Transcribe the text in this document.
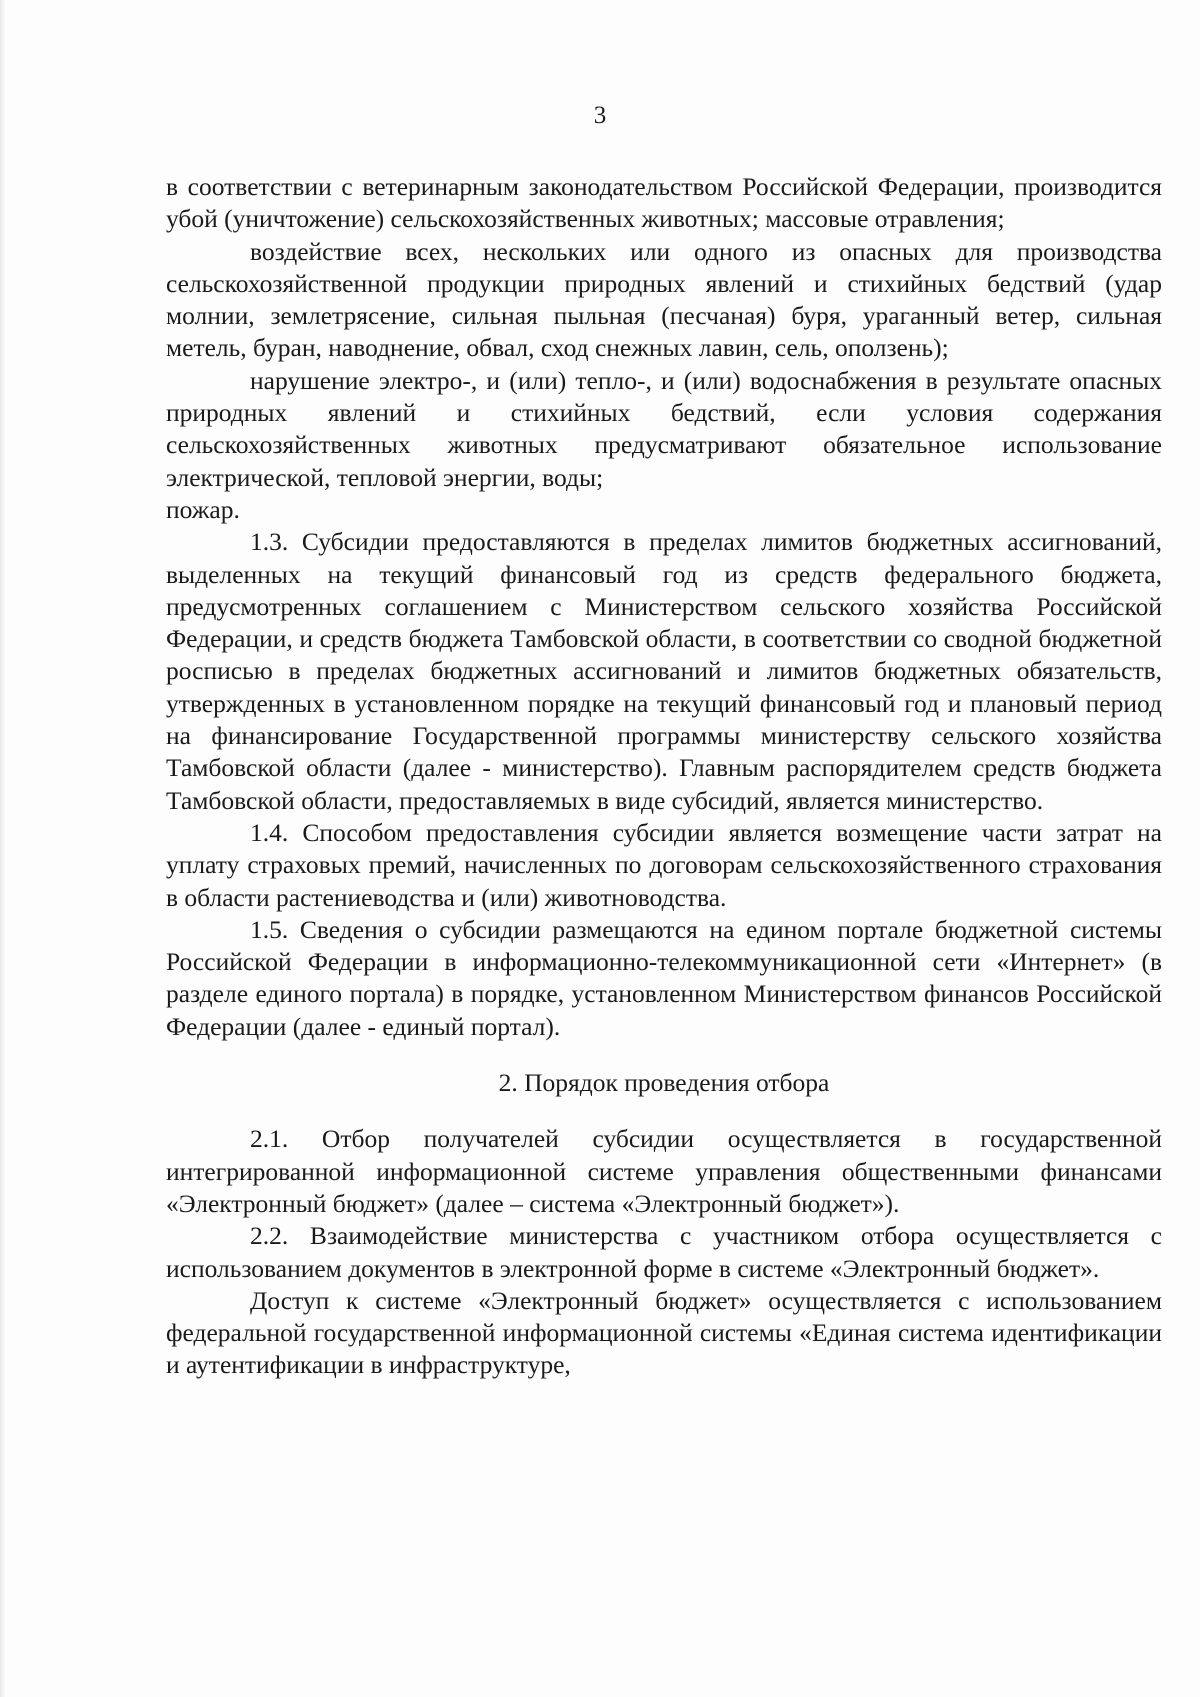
3

в соответствии с ветеринарным законодательством Российской Федерации, производится убой (уничтожение) сельскохозяйственных животных; массовые отравления;

воздействие всех, нескольких или одного из опасных для производства сельскохозяйственной продукции природных явлений и стихийных бедствий (удар молнии, землетрясение, сильная пыльная (песчаная) буря, ураганный ветер, сильная метель, буран, наводнение, обвал, сход снежных лавин, сель, оползень);

нарушение электро-, и (или) тепло-, и (или) водоснабжения в результате опасных природных явлений и стихийных бедствий, если условия содержания сельскохозяйственных животных предусматривают обязательное использование электрической, тепловой энергии, воды;

пожар.

1.3. Субсидии предоставляются в пределах лимитов бюджетных ассигнований, выделенных на текущий финансовый год из средств федерального бюджета, предусмотренных соглашением с Министерством сельского хозяйства Российской Федерации, и средств бюджета Тамбовской области, в соответствии со сводной бюджетной росписью в пределах бюджетных ассигнований и лимитов бюджетных обязательств, утвержденных в установленном порядке на текущий финансовый год и плановый период на финансирование Государственной программы министерству сельского хозяйства Тамбовской области (далее - министерство). Главным распорядителем средств бюджета Тамбовской области, предоставляемых в виде субсидий, является министерство.

1.4. Способом предоставления субсидии является возмещение части затрат на уплату страховых премий, начисленных по договорам сельскохозяйственного страхования в области растениеводства и (или) животноводства.

1.5. Сведения о субсидии размещаются на едином портале бюджетной системы Российской Федерации в информационно-телекоммуникационной сети «Интернет» (в разделе единого портала) в порядке, установленном Министерством финансов Российской Федерации (далее - единый портал).

2. Порядок проведения отбора

2.1. Отбор получателей субсидии осуществляется в государственной интегрированной информационной системе управления общественными финансами «Электронный бюджет» (далее – система «Электронный бюджет»).

2.2. Взаимодействие министерства с участником отбора осуществляется с использованием документов в электронной форме в системе «Электронный бюджет».

Доступ к системе «Электронный бюджет» осуществляется с использованием федеральной государственной информационной системы «Единая система идентификации и аутентификации в инфраструктуре,
